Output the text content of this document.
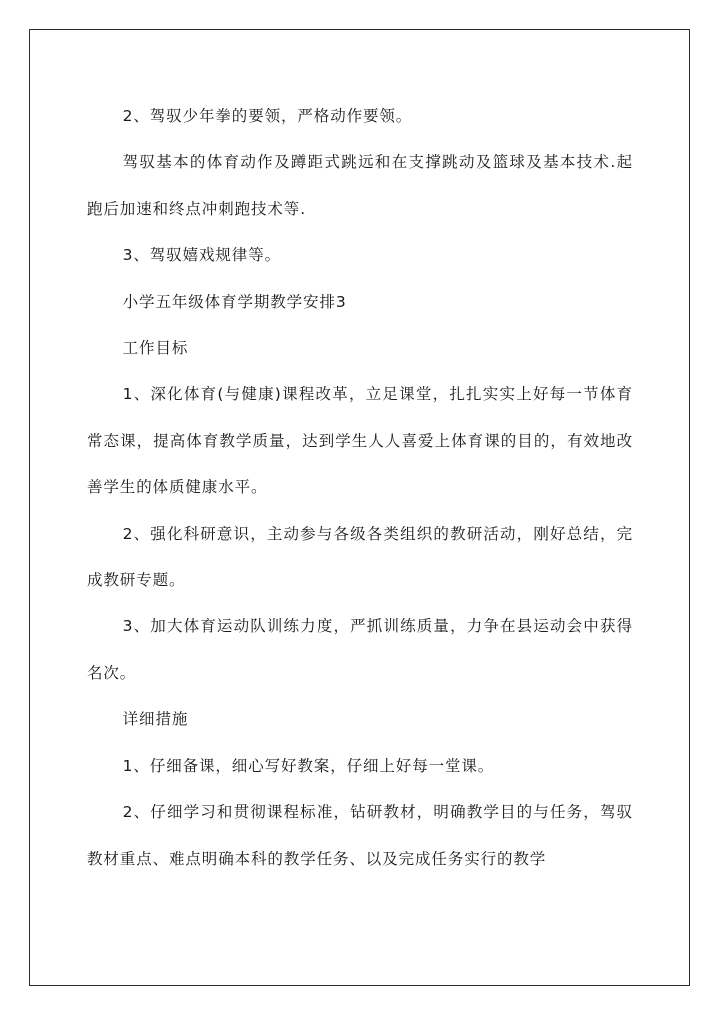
2、驾驭少年拳的要领，严格动作要领。

驾驭基本的体育动作及蹲距式跳远和在支撑跳动及篮球及基本技术.起跑后加速和终点冲刺跑技术等.

3、驾驭嬉戏规律等。

小学五年级体育学期教学安排3

工作目标

1、深化体育(与健康)课程改革，立足课堂，扎扎实实上好每一节体育常态课，提高体育教学质量，达到学生人人喜爱上体育课的目的，有效地改善学生的体质健康水平。

2、强化科研意识，主动参与各级各类组织的教研活动，刚好总结，完成教研专题。

3、加大体育运动队训练力度，严抓训练质量，力争在县运动会中获得名次。

详细措施

1、仔细备课，细心写好教案，仔细上好每一堂课。

2、仔细学习和贯彻课程标准，钻研教材，明确教学目的与任务，驾驭教材重点、难点明确本科的教学任务、以及完成任务实行的教学
